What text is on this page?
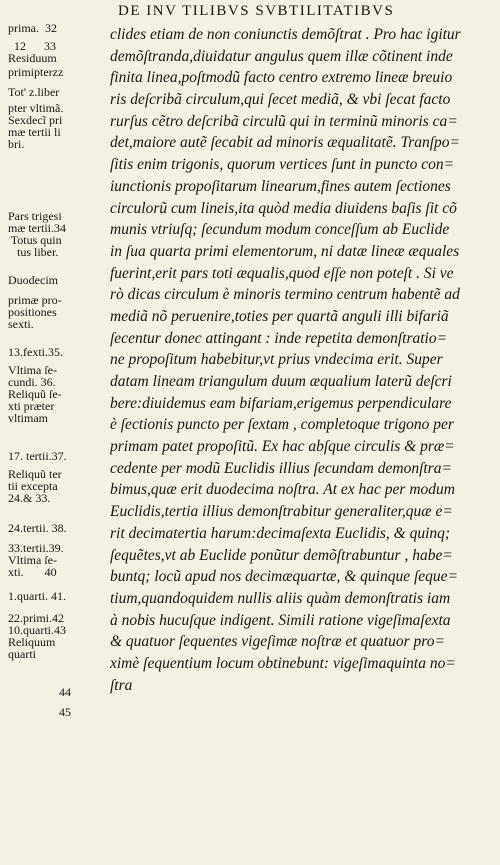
DE INV TILIBVS SVBTILITATIBVS
prima.  32
12      33
Residuum
primipterzz
Tot' z.liber
pter vltimã.
Sexdecĩ pri
mæ tertii li
bri.
Pars trigesi
mæ tertii.34
Totus quin
tus liber.
Duodecim
primæ pro-
positiones
sexti.
13.fexti.35.
Vltima ſe-
cundi. 36.
Reliquũ ſe-
xti præter
vltimam
17. tertii.37.
Reliquũ ter
tii excepta
24.& 33.
24.tertii. 38.
33.tertii.39.
Vltima ſe-
xti.       40
1.quarti. 41.
22.primi.42
10.quarti.43
Reliquum
quarti
44
45
clides etiam de non coniunctis demõſtrat . Pro hac igitur
demõſtranda,diuidatur angulus quem illæ cõtinent inde
finita linea,poſtmodũ facto centro extremo lineæ breuio
ris deſcribã circulum,qui ſecet mediã, & vbi ſecat facto
rurſus cẽtro deſcribã circulũ qui in terminũ minoris ca=
det,maiore autẽ ſecabit ad minoris æqualitatẽ. Tranſpo=
ſitis enim trigonis, quorum vertices ſunt in puncto con=
iunctionis propoſitarum linearum,fines autem ſectiones
circulorũ cum lineis,ita quòd media diuidens baſis ſit cõ
munis vtriuſq; ſecundum modum conceſſum ab Euclide
in ſua quarta primi elementorum, ni datæ lineæ æquales
fuerint,erit pars toti æqualis,quod eſſe non poteſt . Si ve
rò dicas circulum è minoris termino centrum habentẽ ad
mediã nõ peruenire,toties per quartã anguli illi bifariã
ſecentur donec attingant : inde repetita demonſtratio=
ne propoſitum habebitur,vt prius vndecima erit. Super
datam lineam triangulum duum æqualium laterũ deſcri
bere:diuidemus eam bifariam,erigemus perpendiculare
è ſectionis puncto per ſextam , completoque trigono per
primam patet propoſitũ. Ex hac abſque circulis & præ=
cedente per modũ Euclidis illius ſecundam demonſtra=
bimus,quæ erit duodecima noſtra. At ex hac per modum
Euclidis,tertia illius demonſtrabitur generaliter,quæ e=
rit decimatertia harum:decimaſexta Euclidis, & quinq;
ſequẽtes,vt ab Euclide ponũtur demõſtrabuntur , habe=
buntq; locũ apud nos decimæquartæ, & quinque ſeque=
tium,quandoquidem nullis aliis quàm demonſtratis iam
à nobis hucuſque indigent. Simili ratione vigeſimaſexta
& quatuor ſequentes vigeſimæ noſtræ et quatuor pro=
ximè ſequentium locum obtinebunt: vigeſimaquinta no=
ſtra
